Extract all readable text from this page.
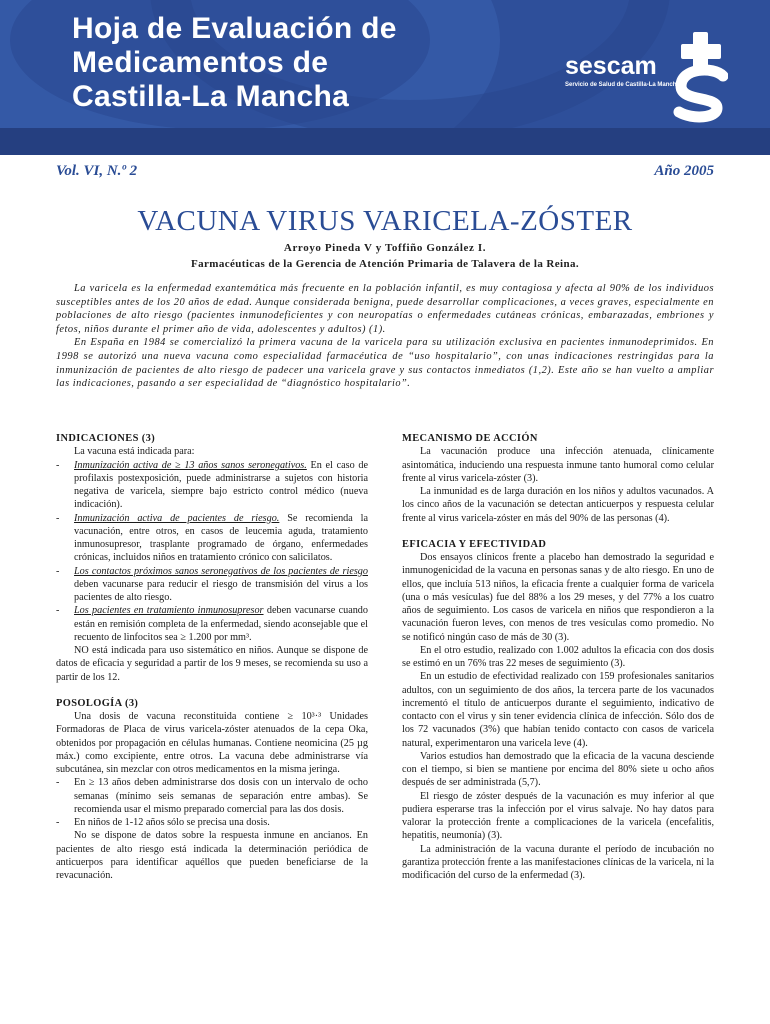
Hoja de Evaluación de
Medicamentos de
Castilla-La Mancha
sescam
Servicio de Salud de Castilla-La Mancha
Vol. VI, N.º 2	Año 2005
VACUNA VIRUS VARICELA-ZÓSTER
Arroyo Pineda V y Toffiño González I.
Farmacéuticas de la Gerencia de Atención Primaria de Talavera de la Reina.

La varicela es la enfermedad exantemática más frecuente en la población infantil, es muy contagiosa y afecta al 90% de los individuos susceptibles antes de los 20 años de edad. Aunque considerada benigna, puede desarrollar complicaciones, a veces graves, especialmente en poblaciones de alto riesgo (pacientes inmunodeficientes y con neuropatías o enfermedades cutáneas crónicas, embarazadas, embriones y fetos, niños durante el primer año de vida, adolescentes y adultos) (1).

En España en 1984 se comercializó la primera vacuna de la varicela para su utilización exclusiva en pacientes inmunodeprimidos. En 1998 se autorizó una nueva vacuna como especialidad farmacéutica de “uso hospitalario”, con unas indicaciones restringidas para la inmunización de pacientes de alto riesgo de padecer una varicela grave y sus contactos inmediatos (1,2). Este año se han vuelto a ampliar las indicaciones, pasando a ser especialidad de “diagnóstico hospitalario”.

INDICACIONES (3)

La vacuna está indicada para:

- Inmunización activa de ≥ 13 años sanos seronegativos. En el caso de profilaxis postexposición, puede administrarse a sujetos con historia negativa de varicela, siempre bajo estricto control médico (nueva indicación).
- Inmunización activa de pacientes de riesgo. Se recomienda la vacunación, entre otros, en casos de leucemia aguda, tratamiento inmunosupresor, trasplante programado de órgano, enfermedades crónicas, incluidos niños en tratamiento crónico con salicilatos.
- Los contactos próximos sanos seronegativos de los pacientes de riesgo deben vacunarse para reducir el riesgo de transmisión del virus a los pacientes de alto riesgo.
- Los pacientes en tratamiento inmunosupresor deben vacunarse cuando están en remisión completa de la enfermedad, siendo aconsejable que el recuento de linfocitos sea ≥ 1.200 por mm³.

NO está indicada para uso sistemático en niños. Aunque se dispone de datos de eficacia y seguridad a partir de los 9 meses, se recomienda su uso a partir de los 12.

POSOLOGÍA (3)

Una dosis de vacuna reconstituida contiene ≥ 10³·³ Unidades Formadoras de Placa de virus varicela-zóster atenuados de la cepa Oka, obtenidos por propagación en células humanas. Contiene neomicina (25 µg máx.) como excipiente, entre otros. La vacuna debe administrarse vía subcutánea, sin mezclar con otros medicamentos en la misma jeringa.

- En ≥ 13 años deben administrarse dos dosis con un intervalo de ocho semanas (mínimo seis semanas de separación entre ambas). Se recomienda usar el mismo preparado comercial para las dos dosis.
- En niños de 1-12 años sólo se precisa una dosis.

No se dispone de datos sobre la respuesta inmune en ancianos. En pacientes de alto riesgo está indicada la determinación periódica de anticuerpos para identificar aquéllos que pueden beneficiarse de la revacunación.

MECANISMO DE ACCIÓN

La vacunación produce una infección atenuada, clínicamente asintomática, induciendo una respuesta inmune tanto humoral como celular frente al virus varicela-zóster (3).

La inmunidad es de larga duración en los niños y adultos vacunados. A los cinco años de la vacunación se detectan anticuerpos y respuesta celular frente al virus varicela-zóster en más del 90% de las personas (4).

EFICACIA Y EFECTIVIDAD

Dos ensayos clínicos frente a placebo han demostrado la seguridad e inmunogenicidad de la vacuna en personas sanas y de alto riesgo. En uno de ellos, que incluía 513 niños, la eficacia frente a cualquier forma de varicela (una o más vesículas) fue del 88% a los 29 meses, y del 77% a los cuatro años de seguimiento. Los casos de varicela en niños que respondieron a la vacunación fueron leves, con menos de tres vesículas como promedio. No se notificó ningún caso de más de 30 (3).

En el otro estudio, realizado con 1.002 adultos la eficacia con dos dosis se estimó en un 76% tras 22 meses de seguimiento (3).

En un estudio de efectividad realizado con 159 profesionales sanitarios adultos, con un seguimiento de dos años, la tercera parte de los vacunados incrementó el título de anticuerpos durante el seguimiento, indicativo de contacto con el virus y sin tener evidencia clínica de infección. Sólo dos de los 72 vacunados (3%) que habían tenido contacto con casos de varicela natural, experimentaron una varicela leve (4).

Varios estudios han demostrado que la eficacia de la vacuna desciende con el tiempo, si bien se mantiene por encima del 80% siete u ocho años después de ser administrada (5,7).

El riesgo de zóster después de la vacunación es muy inferior al que pudiera esperarse tras la infección por el virus salvaje. No hay datos para valorar la protección frente a complicaciones de la varicela (encefalitis, hepatitis, neumonía) (3).

La administración de la vacuna durante el período de incubación no garantiza protección frente a las manifestaciones clínicas de la varicela, ni la modificación del curso de la enfermedad (3).
